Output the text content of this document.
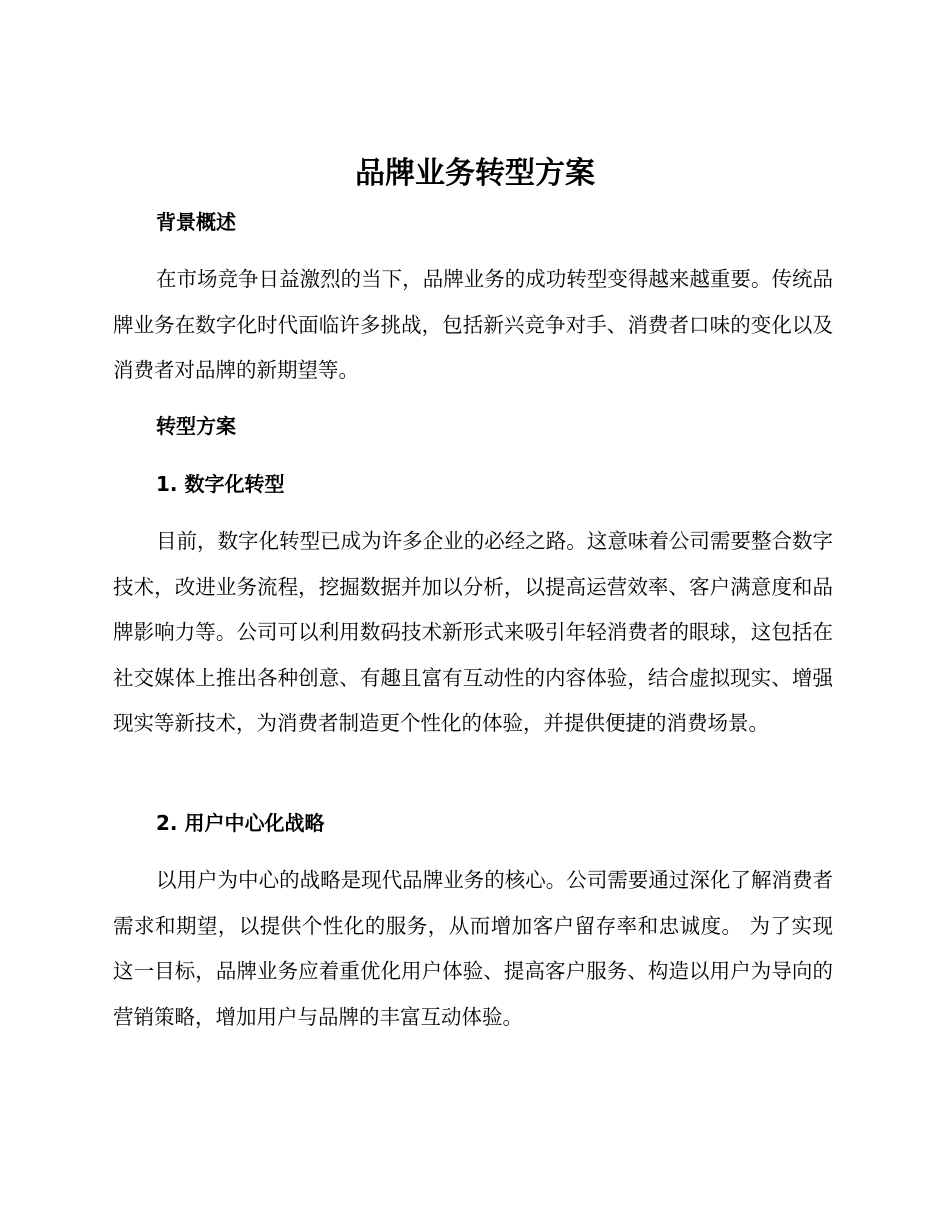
品牌业务转型方案
背景概述

在市场竞争日益激烈的当下，品牌业务的成功转型变得越来越重要。传统品牌业务在数字化时代面临许多挑战，包括新兴竞争对手、消费者口味的变化以及消费者对品牌的新期望等。

转型方案
1. 数字化转型

目前，数字化转型已成为许多企业的必经之路。这意味着公司需要整合数字技术，改进业务流程，挖掘数据并加以分析，以提高运营效率、客户满意度和品牌影响力等。公司可以利用数码技术新形式来吸引年轻消费者的眼球，这包括在社交媒体上推出各种创意、有趣且富有互动性的内容体验，结合虚拟现实、增强现实等新技术，为消费者制造更个性化的体验，并提供便捷的消费场景。

2. 用户中心化战略

以用户为中心的战略是现代品牌业务的核心。公司需要通过深化了解消费者需求和期望，以提供个性化的服务，从而增加客户留存率和忠诚度。 为了实现这一目标，品牌业务应着重优化用户体验、提高客户服务、构造以用户为导向的营销策略，增加用户与品牌的丰富互动体验。
